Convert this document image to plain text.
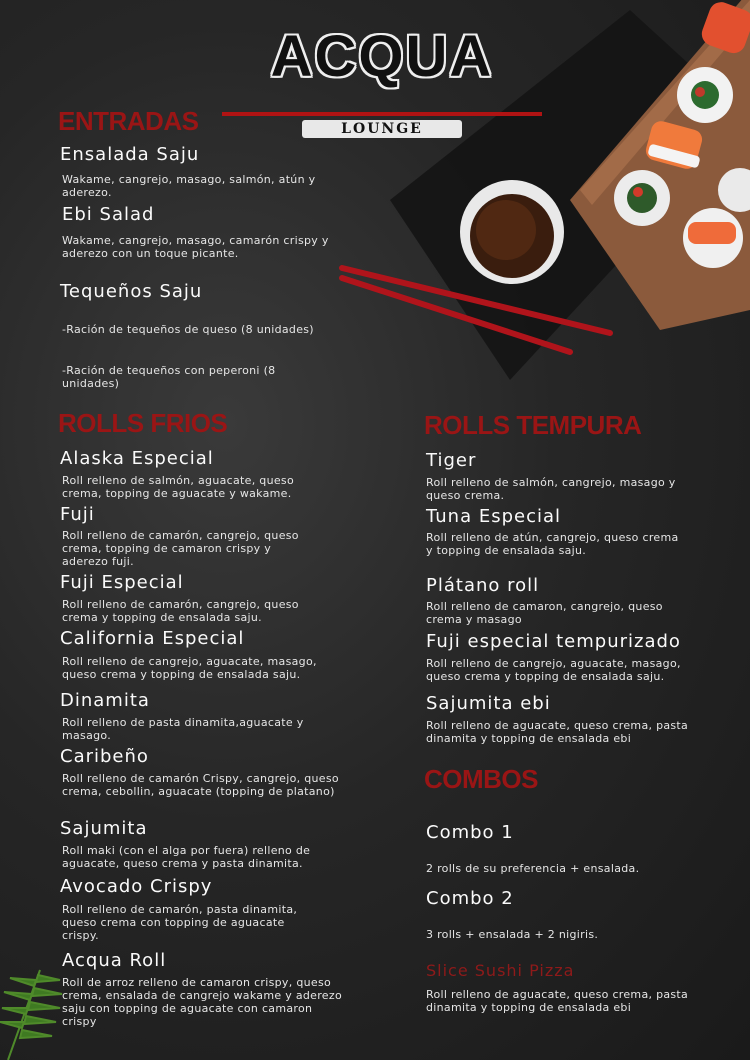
ACQUA
LOUNGE
ENTRADAS
Ensalada Saju
Wakame, cangrejo, masago, salmón, atún y aderezo.
Ebi Salad
Wakame, cangrejo, masago, camarón crispy y aderezo con un toque picante.
Tequeños Saju
-Ración de tequeños de queso (8 unidades)
-Ración de tequeños con peperoni (8 unidades)
ROLLS FRIOS
Alaska Especial
Roll relleno de salmón, aguacate, queso crema, topping de aguacate y wakame.
Fuji
Roll relleno de camarón, cangrejo, queso crema, topping de camaron crispy y aderezo fuji.
Fuji Especial
Roll relleno de camarón, cangrejo, queso crema y topping de ensalada saju.
California Especial
Roll relleno de cangrejo, aguacate, masago, queso crema y topping de ensalada saju.
Dinamita
Roll relleno de pasta dinamita,aguacate y masago.
Caribeño
Roll relleno de camarón Crispy, cangrejo, queso crema, cebollin, aguacate (topping de platano)
Sajumita
Roll maki (con el alga por fuera) relleno de aguacate, queso crema y pasta dinamita.
Avocado Crispy
Roll relleno de camarón, pasta dinamita, queso crema con topping de aguacate crispy.
Acqua Roll
Roll de arroz relleno de camaron crispy, queso crema, ensalada de cangrejo wakame y aderezo saju con topping de aguacate con camaron crispy
ROLLS TEMPURA
Tiger
Roll relleno de salmón, cangrejo, masago y queso crema.
Tuna Especial
Roll relleno de atún, cangrejo, queso crema y topping de ensalada saju.
Plátano roll
Roll relleno de camaron, cangrejo, queso crema y masago
Fuji especial tempurizado
Roll relleno de cangrejo, aguacate, masago, queso crema y topping de ensalada saju.
Sajumita ebi
Roll relleno de aguacate, queso crema, pasta dinamita y topping de ensalada ebi
COMBOS
Combo 1
2 rolls de su preferencia + ensalada.
Combo 2
3 rolls + ensalada + 2 nigiris.
Slice Sushi Pizza
Roll relleno de aguacate, queso crema, pasta dinamita y topping de ensalada ebi
